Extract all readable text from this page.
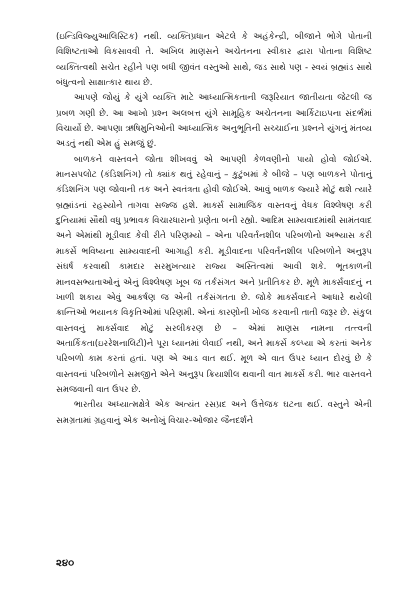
(ઇન્ડિવિજ્યુઆલિસ્ટિક) નથી. વ્યક્તિપ્રધાન એટલે કે અહંકેન્દ્રી, બીજાને ભોગે પોતાની વિશિષ્ટતાઓ વિકસાવવી તે. અખિલ માણસને અચેતનના સ્વીકાર દ્વારા પોતાના વિશિષ્ટ વ્યક્તિત્વથી સચેત રહીને પણ બધી જીવંત વસ્તુઓ સાથે, જડ સાથે પણ - સ્વયં બ્રહ્માંડ સાથે બંધુત્વનો સાક્ષાત્કાર થાય છે.

આપણે જોયું કે યુંગે વ્યક્તિ માટે આધ્યાત્મિકતાની જરૂરિયાત જાતીયતા જેટલી જ પ્રબળ ગણી છે. આ આખો પ્રશ્ન અલબત્ત યુંગે સામૂહિક અચેતનના આર્કિટાઇપના સંદર્ભમાં વિચાર્યો છે. આપણા ઋષિમુનિઓની આધ્યાત્મિક અનુભૂતિની સચ્ચાઈના પ્રશ્નને યુંગનું મંતવ્ય અડતું નથી એમ હું સમજું છું.

બાળકને વાસ્તવને જોતા શીખવવું એ આપણી કેળવણીનો પાયો હોવો જોઈએ. માનસપલોટ (કંડિશનિંગ) તો ક્યાંક થતું રહેવાનું – કુટુંબમાં કે બીજે – પણ બાળકને પોતાનું કંડિશનિંગ પણ જોવાની તક અને સ્વતંત્રતા હોવી જોઈએ. આવું બાળક જ્યારે મોટું થશે ત્યારે બ્રહ્માંડનાં રહસ્યોને તાગવા સજ્જ હશે. માર્ક્સ સામાજિક વાસ્તવનું વેધક વિશ્લેષણ કરી દુનિયામાં સૌથી વધુ પ્રભાવક વિચારધારાનો પ્રણેતા બની રહ્યો. આદિમ સામ્યવાદમાંથી સામંતવાદ અને એમાંથી મૂડીવાદ કેવી રીતે પરિણમ્યો – એના પરિવર્તનશીલ પરિબળોનો અભ્યાસ કરી માર્ક્સે ભવિષ્યના સામ્યવાદની આગાહી કરી. મૂડીવાદના પરિવર્તનશીલ પરિબળોને અનુરૂપ સંઘર્ષ કરવાથી કામદાર સરમુખત્યાર રાજ્ય અસ્તિત્વમાં આવી શકે. ભૂતકાળની માનવસભ્યતાઓનું એનું વિશ્લેષણ ખૂબ જ તર્કસંગત અને પ્રતીતિકર છે. મૂળે માર્ક્સવાદનું ન ખાળી શકાય એવું આકર્ષણ જ એની તર્કસંગતતા છે. જોકે માર્ક્સવાદને આધારે થયેલી ક્રાન્તિઓ ભયાનક વિકૃતિઓમાં પરિણમી. એનાં કારણોની ખોજ કરવાની તાતી જરૂર છે. સંકુલ વાસ્તવનું માર્ક્સવાદ મોટું સરલીકરણ છે – એમાં માણસ નામના તત્ત્વની અતાર્કિકતા(ઇરરેશનાલિટી)ને પૂરા ધ્યાનમાં લેવાઈ નથી, અને માર્ક્સે કલ્પ્યા એ કરતાં અનેક પરિબળો કામ કરતાં હતાં. પણ એ આડ વાત થઈ. મૂળ એ વાત ઉપર ધ્યાન દોરવું છે કે વાસ્તવનાં પરિબળોને સમજીને એને અનુરૂપ ક્રિયાશીલ થવાની વાત માર્ક્સે કરી. ભાર વાસ્તવને સમજવાની વાત ઉપર છે.

ભારતીય અધ્યાત્મક્ષેત્રે એક અત્યંત રસપ્રદ અને ઉત્તેજક ઘટના થઈ. વસ્તુને એની સમગ્રતામાં ગ્રહવાનું એક અનોખું વિચાર-ઓજાર જૈનદર્શને

૨૪૦
